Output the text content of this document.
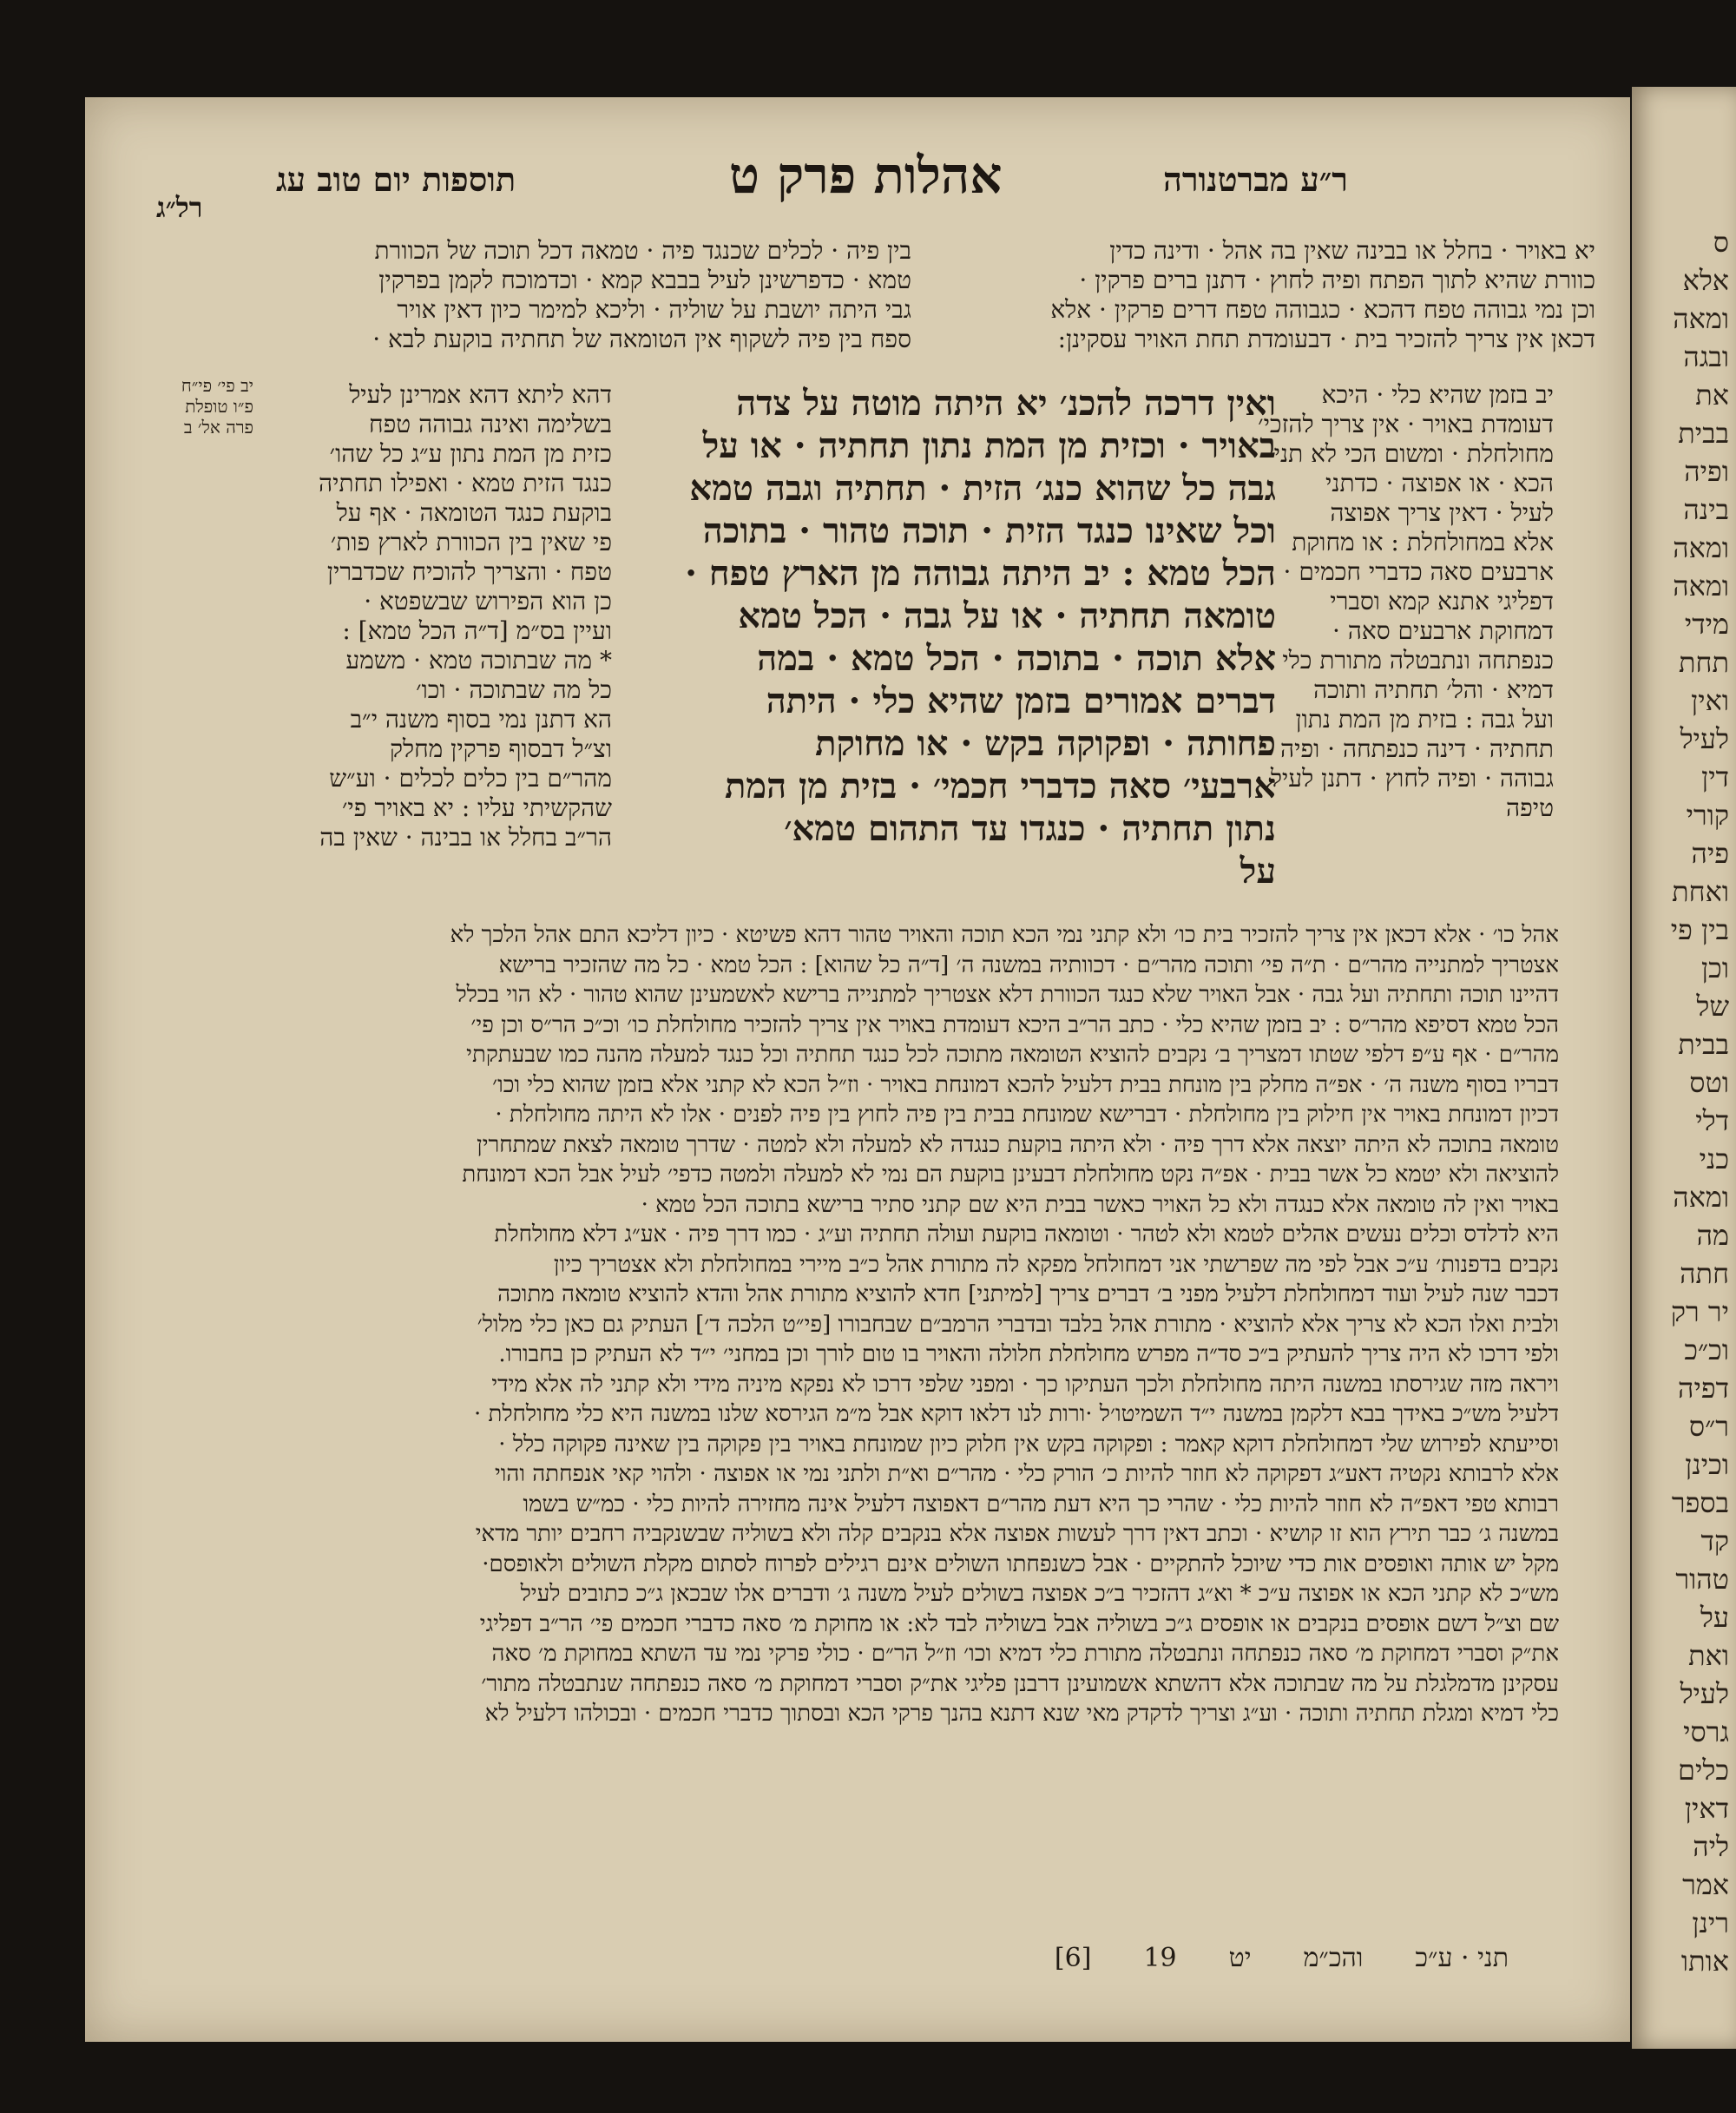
ס
אלא
ומאה
ובגה
את
בבית
ופיה
בינה
ומאה
ומאה
מידי
תחת
ואין
לעיל
דין
קורי
פיה
ואחת
בין פי
וכן
של
בבית
וטס
דלי
כני
ומאה
מה
חתה
יר רק
וכ״כ
דפיה
ר״ס
וכינן
בספר
קד
טהור
על
ואת
לעיל
גרסי
כלים
דאין
ליה
אמר
רינן
אותו
תוספות יום טוב עג	אהלות פרק ט	ר״ע מברטנורה
רל״ג
בין פיה · לכלים שכנגד פיה · טמאה דכל תוכה של הכוורת
טמא · כדפרשינן לעיל בבבא קמא · וכדמוכח לקמן בפרקין
גבי היתה יושבת על שוליה · וליכא למימר כיון דאין אויר
ספח בין פיה לשקוף אין הטומאה של תחתיה בוקעת לבא ·
יא באויר · בחלל או בבינה שאין בה אהל · ודינה כדין
כוורת שהיא לתוך הפתח ופיה לחוץ · דתנן ברים פרקין ·
וכן נמי גבוהה טפח דהכא · כגבוהה טפח דרים פרקין · אלא
דכאן אין צריך להזכיר בית · דבעומדת תחת האויר עסקינן:
יב פי׳ פי״ח
פ״ו טופלת
פרה אל׳ ב
יב בזמן שהיא כלי · היכא
דעומדת באויר · אין צריך להזכי׳
מחולחלת · ומשום הכי לא תני
הכא · או אפוצה · כדתני
לעיל · דאין צריך אפוצה
אלא במחולחלת : או מחוקת
ארבעים סאה כדברי חכמים ·
דפליגי אתנא קמא וסברי
דמחוקת ארבעים סאה ·
כנפתחה ונתבטלה מתורת כלי
דמיא · והל׳ תחתיה ותוכה
ועל גבה : בזית מן המת נתון
תחתיה · דינה כנפתחה · ופיה
גבוהה · ופיה לחוץ · דתנן לעיל ·
טיפה
ואין דרכה להכנ׳ יא היתה מוטה על צדה
באויר · וכזית מן המת נתון תחתיה · או על
גבה כל שהוא כנג׳ הזית · תחתיה וגבה טמא
וכל שאינו כנגד הזית · תוכה טהור · בתוכה
הכל טמא : יב היתה גבוהה מן הארץ טפח ·
טומאה תחתיה · או על גבה · הכל טמא
אלא תוכה · בתוכה · הכל טמא · במה
דברים אמורים בזמן שהיא כלי · היתה
פחותה · ופקוקה בקש · או מחוקת
ארבעי׳ סאה כדברי חכמי׳ · בזית מן המת
נתון תחתיה · כנגדו עד התהום טמא׳
על
דהא ליתא דהא אמרינן לעיל
בשלימה ואינה גבוהה טפח
כזית מן המת נתון ע״ג כל שהו׳
כנגד הזית טמא · ואפילו תחתיה
בוקעת כנגד הטומאה · אף על
פי שאין בין הכוורת לארץ פות׳
טפח · והצריך להוכיח שכדברין
כן הוא הפירוש שבשפטא ·
ועיין בס״מ [ד״ה הכל טמא] :
* מה שבתוכה טמא · משמע
כל מה שבתוכה · וכו׳
הא דתנן נמי בסוף משנה י״ב
וצ״ל דבסוף פרקין מחלק
מהר״ם בין כלים לכלים · וע״ש
שהקשיתי עליו : יא באויר פי׳
הר״ב בחלל או בבינה · שאין בה
אהל כו׳ · אלא דכאן אין צריך להזכיר בית כו׳ ולא קתני נמי הכא תוכה והאויר טהור דהא פשיטא · כיון דליכא התם אהל הלכך לא
אצטריך למתנייה מהר״ם · ת״ה פי׳ ותוכה מהר״ם · דכוותיה במשנה ה׳ [ד״ה כל שהוא] : הכל טמא · כל מה שהזכיר ברישא
דהיינו תוכה ותחתיה ועל גבה · אבל האויר שלא כנגד הכוורת דלא אצטריך למתנייה ברישא לאשמעינן שהוא טהור · לא הוי בכלל
הכל טמא דסיפא מהר״ס : יב בזמן שהיא כלי · כתב הר״ב היכא דעומדת באויר אין צריך להזכיר מחולחלת כו׳ וכ״כ הר״ס וכן פי׳
מהר״ם · אף ע״פ דלפי שטתו דמצריך ב׳ נקבים להוציא הטומאה מתוכה לכל כנגד תחתיה וכל כנגד למעלה מהנה כמו שבעתקתי
דבריו בסוף משנה ה׳ · אפ״ה מחלק בין מונחת בבית דלעיל להכא דמונחת באויר · וז״ל הכא לא קתני אלא בזמן שהוא כלי וכו׳
דכיון דמונחת באויר אין חילוק בין מחולחלת · דברישא שמונחת בבית בין פיה לחוץ בין פיה לפנים · אלו לא היתה מחולחלת ·
טומאה בתוכה לא היתה יוצאה אלא דרך פיה · ולא היתה בוקעת כנגדה לא למעלה ולא למטה · שדרך טומאה לצאת שמתחרין
להוציאה ולא יטמא כל אשר בבית · אפ״ה נקט מחולחלת דבעינן בוקעת הם נמי לא למעלה ולמטה כדפי׳ לעיל אבל הכא דמונחת
באויר ואין לה טומאה אלא כנגדה ולא כל האויר כאשר בבית היא שם קתני סתיר ברישא בתוכה הכל טמא ·
היא לדלדס וכלים נעשים אהלים לטמא ולא לטהר · וטומאה בוקעת ועולה תחתיה וע״ג · כמו דרך פיה · אע״ג דלא מחולחלת
נקבים בדפנות׳ ע״כ אבל לפי מה שפרשתי אני דמחולחל מפקא לה מתורת אהל כ״ב מיירי במחולחלת ולא אצטריך כיון
דכבר שנה לעיל ועוד דמחולחלת דלעיל מפני ב׳ דברים צריך [למיתני] חדא להוציא מתורת אהל והדא להוציא טומאה מתוכה
ולבית ואלו הכא לא צריך אלא להוציא · מתורת אהל בלבד ובדברי הרמב״ם שבחבורו [פי״ט הלכה ד׳] העתיק גם כאן כלי מלול׳
ולפי דרכו לא היה צריך להעתיק ב״כ סד״ה מפרש מחולחלת חלולה והאויר בו טום לורך וכן במחני׳ י״ד לא העתיק כן בחבורו.
ויראה מזה שגירסתו במשנה היתה מחולחלת ולכך העתיקו כך · ומפני שלפי דרכו לא נפקא מיניה מידי ולא קתני לה אלא מידי
דלעיל מש״כ באידך בבא דלקמן במשנה י״ד השמיטו׳ל ·ורות לנו דלאו דוקא אבל מ״מ הגירסא שלנו במשנה היא כלי מחולחלת ·
וסייעתא לפירוש שלי דמחולחלת דוקא קאמר : ופקוקה בקש אין חלוק כיון שמונחת באויר בין פקוקה בין שאינה פקוקה כלל ·
אלא לרבותא נקטיה דאע״ג דפקוקה לא חוזר להיות כ׳ הורק כלי · מהר״ם וא״ת ולתני נמי או אפוצה · ולהוי קאי אנפחתה והוי
רבותא טפי דאפ״ה לא חוזר להיות כלי · שהרי כך היא דעת מהר״ם דאפוצה דלעיל אינה מחזירה להיות כלי · כמ״ש בשמו
במשנה ג׳ כבר תירץ הוא זו קושיא · וכתב דאין דרך לעשות אפוצה אלא בנקבים קלה ולא בשוליה שבשנקביה רחבים יותר מדאי
מקל יש אותה ואופסים אות כדי שיוכל להתקיים · אבל כשנפחתו השולים אינם רגילים לפרוח לסתום מקלת השולים ולאופסם·
מש״כ לא קתני הכא או אפוצה ע״כ * וא״ג דהזכיר ב״כ אפוצה בשולים לעיל משנה ג׳ ודברים אלו שבכאן ג״כ כתובים לעיל
שם וצ״ל דשם אופסים בנקבים או אופסים ג״כ בשוליה אבל בשוליה לבד לא: או מחוקת מ׳ סאה כדברי חכמים פי׳ הר״ב דפליגי
את״ק וסברי דמחוקת מ׳ סאה כנפתחה ונתבטלה מתורת כלי דמיא וכו׳ וז״ל הר״ם · כולי פרקי נמי עד השתא במחוקת מ׳ סאה
עסקינן מדמלגלת על מה שבתוכה אלא דהשתא אשמועינן דרבנן פליגי את״ק וסברי דמחוקת מ׳ סאה כנפתחה שנתבטלה מתור׳
כלי דמיא ומגלת תחתיה ותוכה · וע״ג וצריך לדקדק מאי שנא דתנא בהנך פרקי הכא ובסתוך כדברי חכמים · ובכולהו דלעיל לא
תני · ע״כוהכ״מיט19[6]
